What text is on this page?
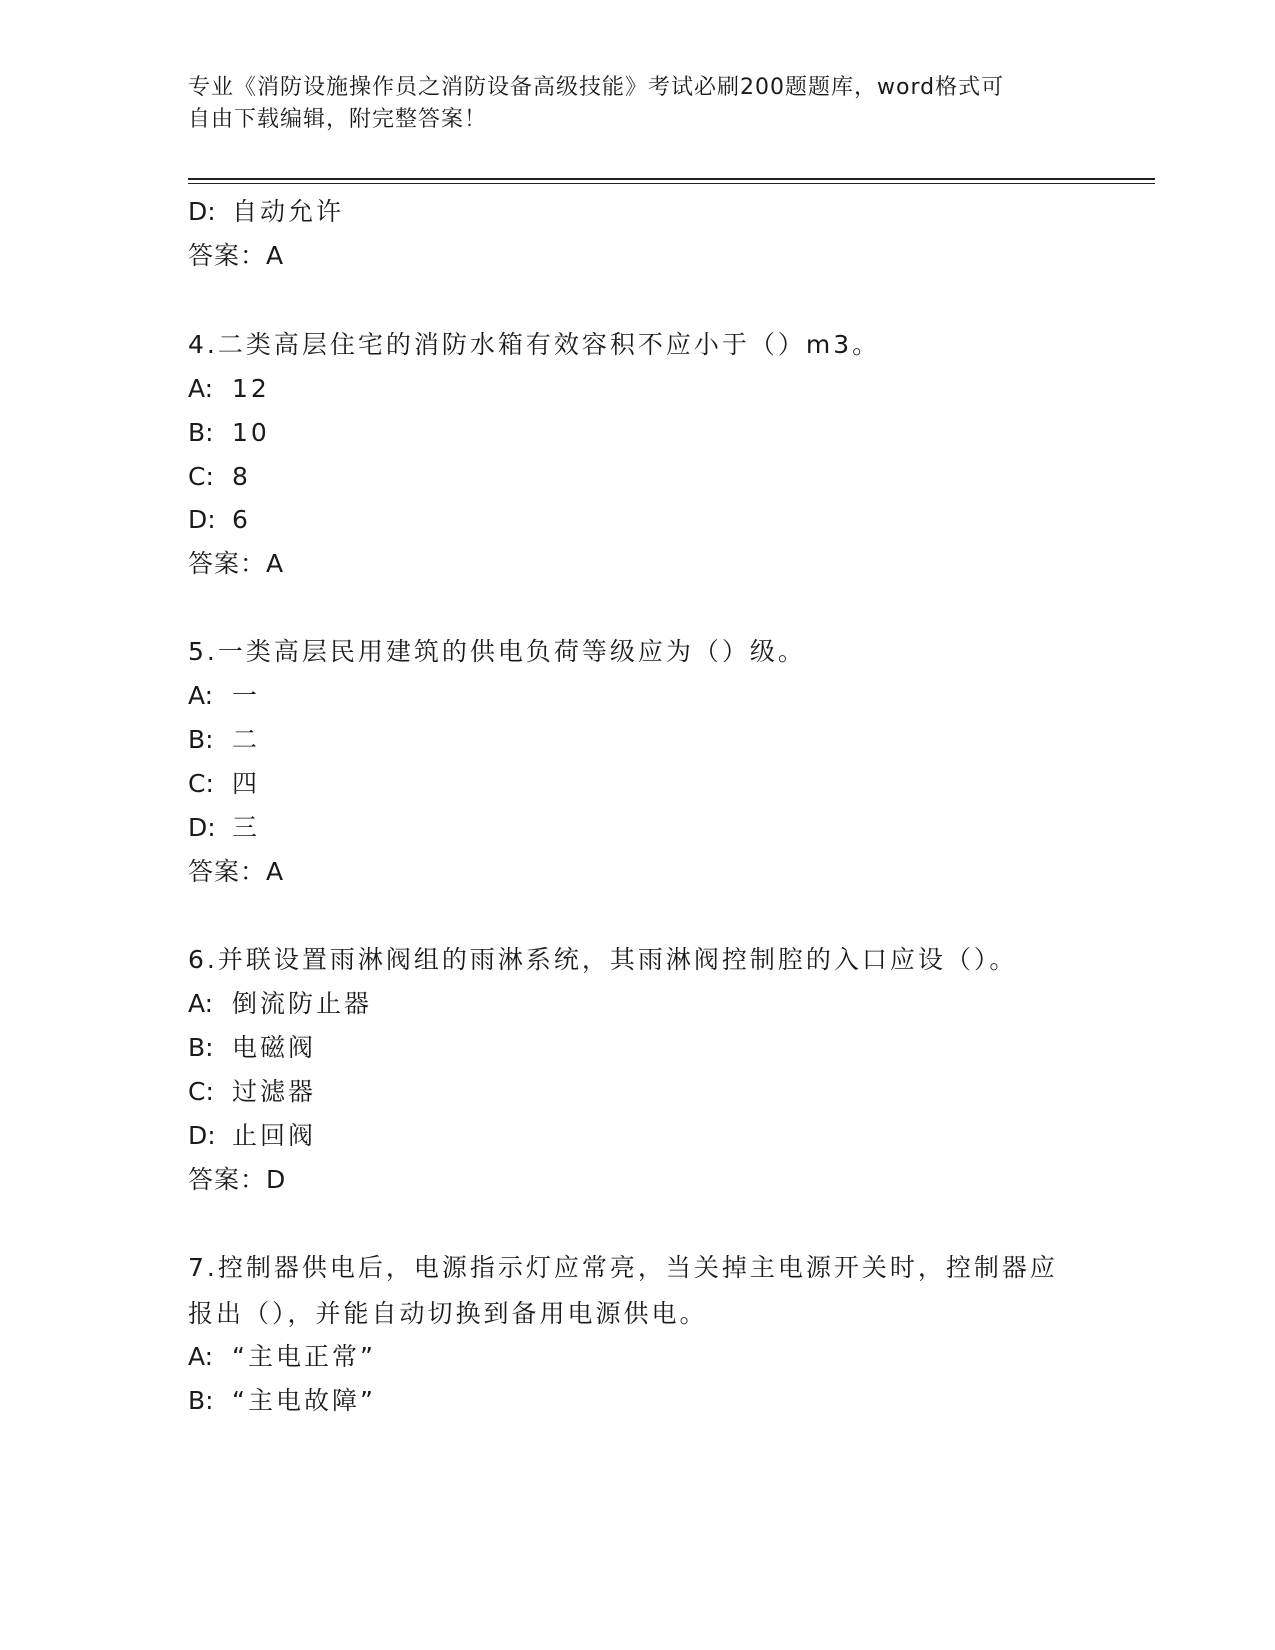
专业《消防设施操作员之消防设备高级技能》考试必刷200题题库，word格式可
自由下载编辑，附完整答案！
D: 自动允许
答案：A
4.二类高层住宅的消防水箱有效容积不应小于（）m3。
A: 12
B: 10
C: 8
D: 6
答案：A
5.一类高层民用建筑的供电负荷等级应为（）级。
A: 一
B: 二
C: 四
D: 三
答案：A
6.并联设置雨淋阀组的雨淋系统，其雨淋阀控制腔的入口应设（）。
A: 倒流防止器
B: 电磁阀
C: 过滤器
D: 止回阀
答案：D
7.控制器供电后，电源指示灯应常亮，当关掉主电源开关时，控制器应报出（），并能自动切换到备用电源供电。
A: “主电正常”
B: “主电故障”
